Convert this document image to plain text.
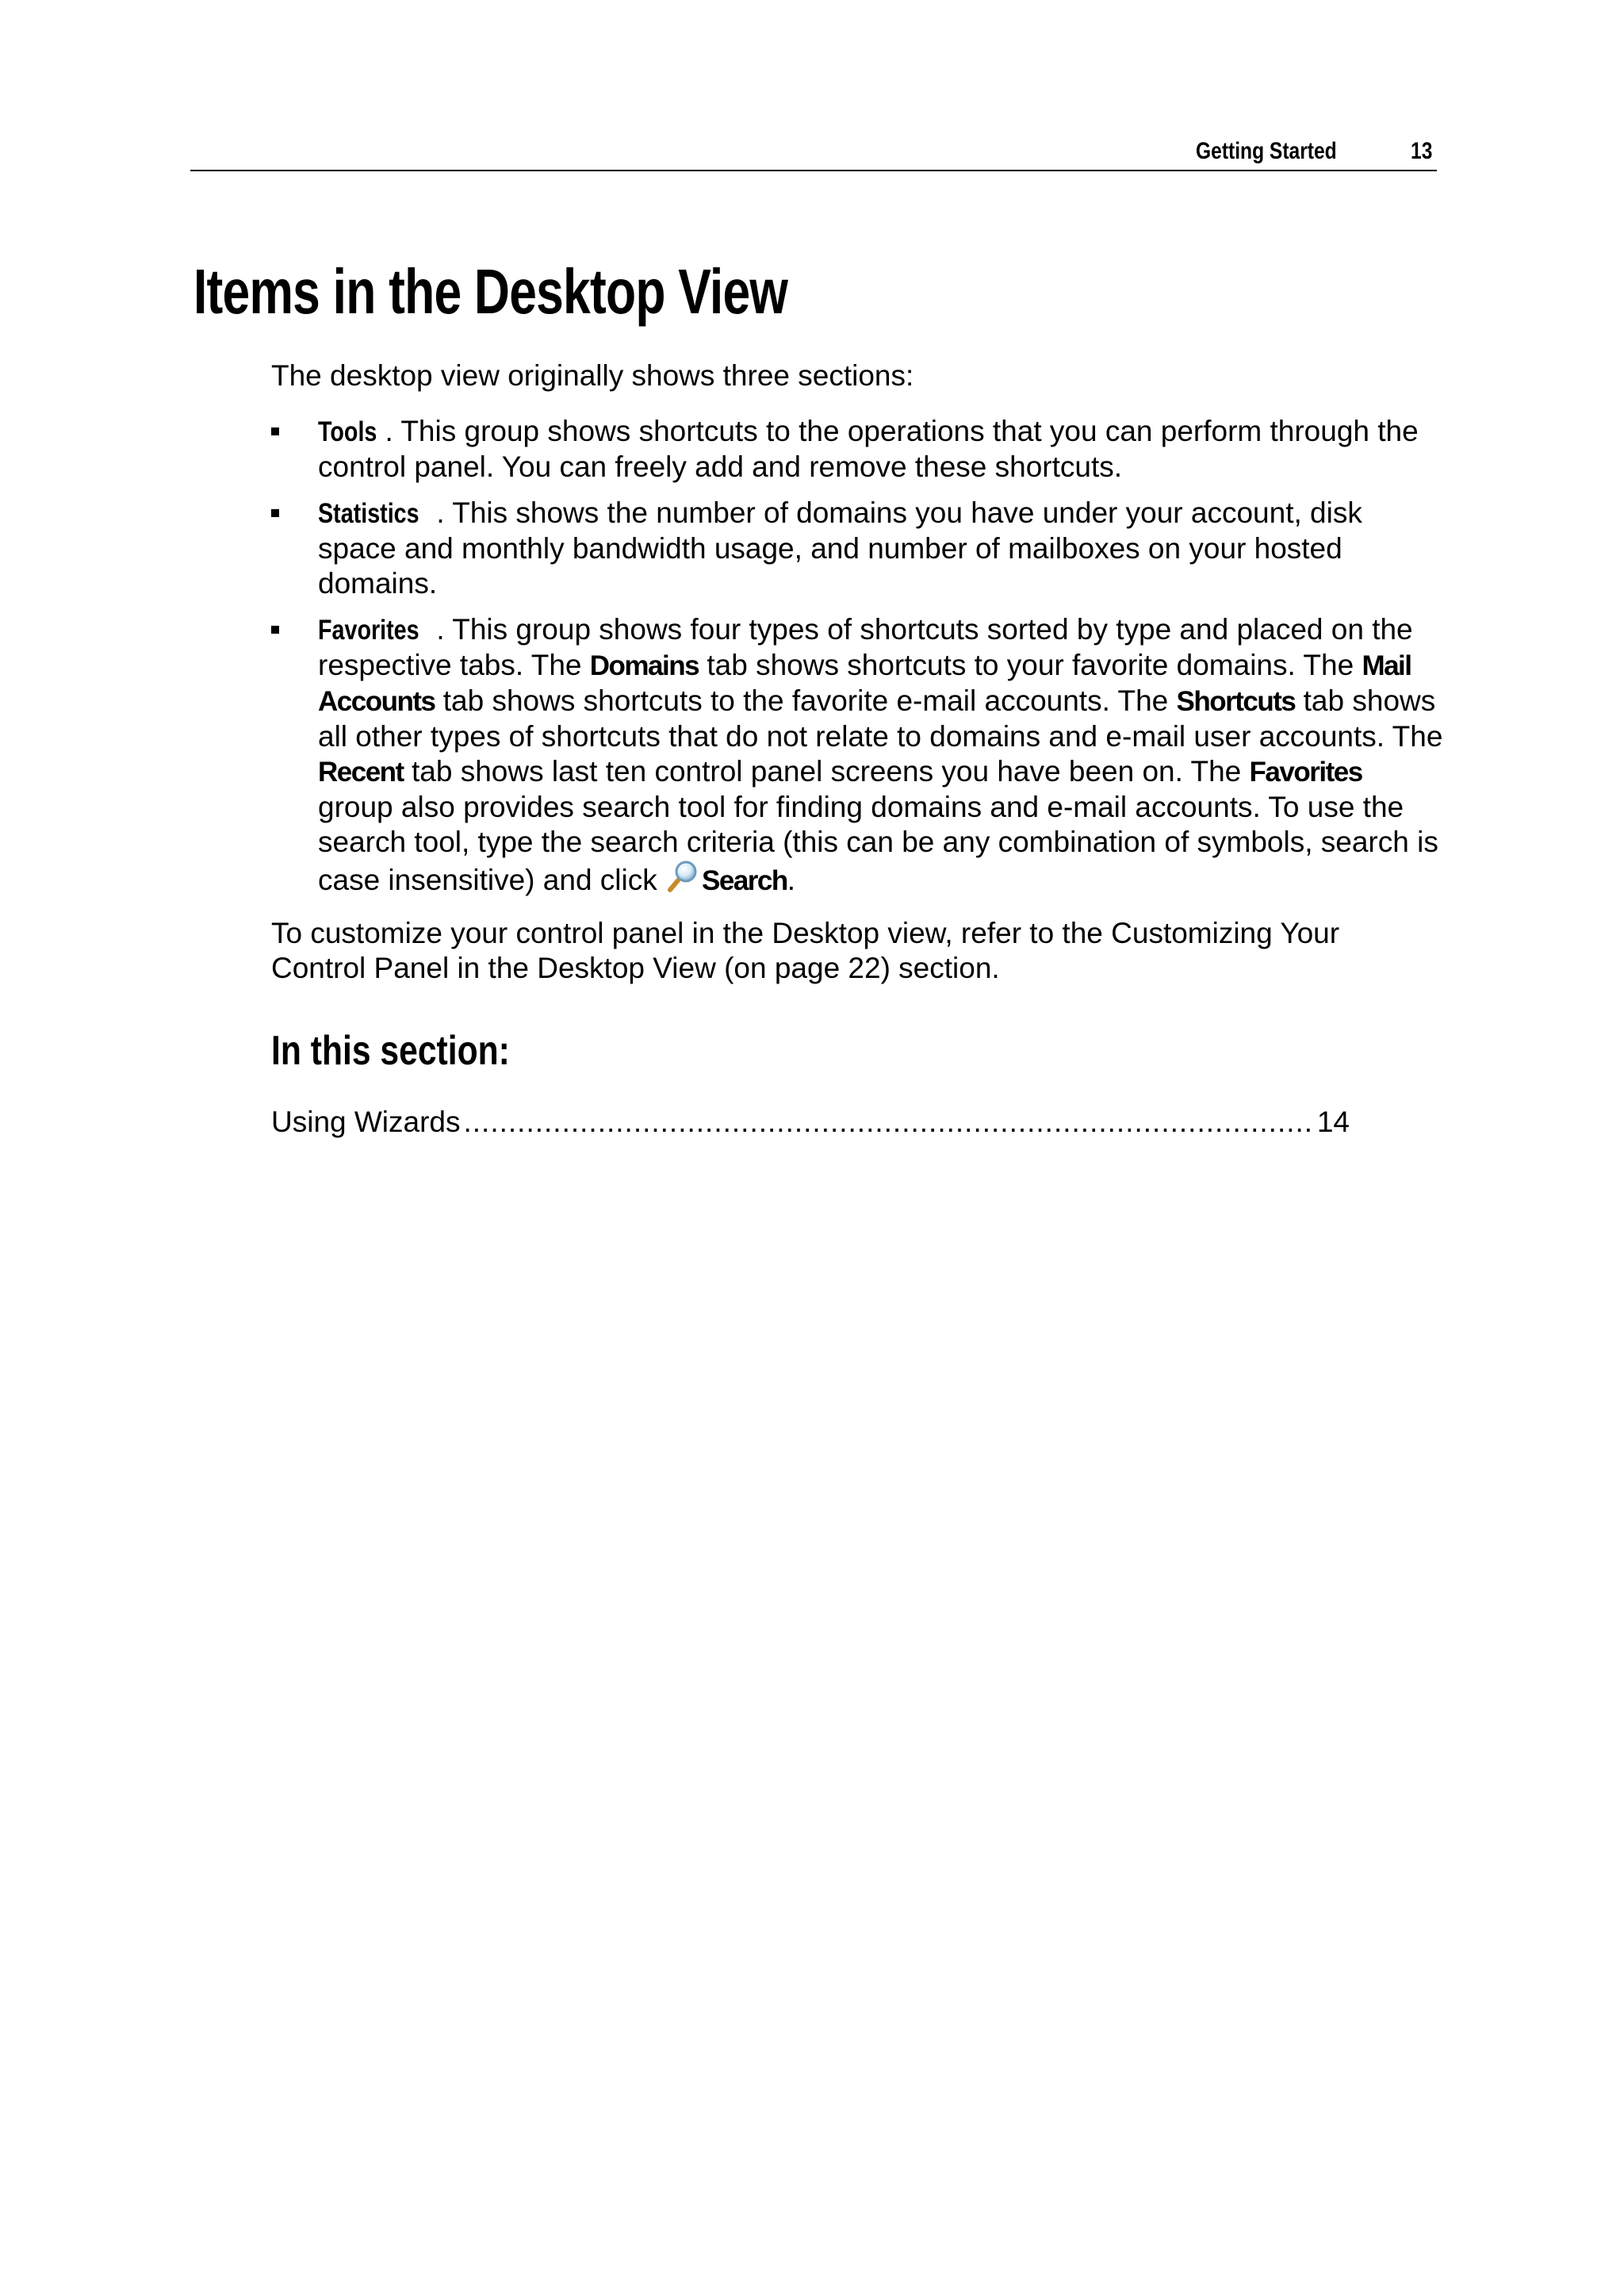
Getting Started	13
Items in the Desktop View

The desktop view originally shows three sections:

Tools . This group shows shortcuts to the operations that you can perform through the control panel. You can freely add and remove these shortcuts.
Statistics . This shows the number of domains you have under your account, disk space and monthly bandwidth usage, and number of mailboxes on your hosted domains.
Favorites . This group shows four types of shortcuts sorted by type and placed on the respective tabs. The Domains tab shows shortcuts to your favorite domains. The Mail Accounts tab shows shortcuts to the favorite e-mail accounts. The Shortcuts tab shows all other types of shortcuts that do not relate to domains and e-mail user accounts. The Recent tab shows last ten control panel screens you have been on. The Favorites group also provides search tool for finding domains and e-mail accounts. To use the search tool, type the search criteria (this can be any combination of symbols, search is case insensitive) and click Search.

To customize your control panel in the Desktop view, refer to the Customizing Your Control Panel in the Desktop View (on page 22) section.

In this section:
Using Wizards
.....	14
